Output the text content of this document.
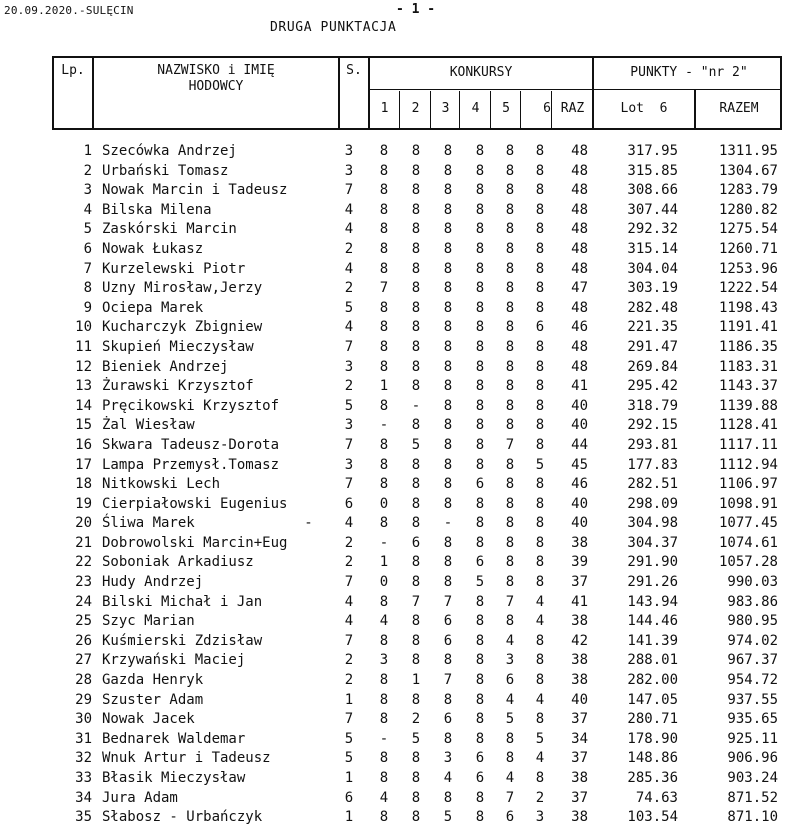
20.09.2020.-SULĘCIN	- 1 -
DRUGA PUNKTACJA
Lp.	NAZWISKO i IMIĘ
HODOWCY
S.	KONKURSY	PUNKTY - "nr 2"
1	2	3	4	5	6 RAZ	Lot  6	RAZEM
1 Szecówka Andrzej	3	8 8 8 8 8 8	48	317.95	1311.95
2 Urbański Tomasz	3	8 8 8 8 8 8	48	315.85	1304.67
3 Nowak Marcin i Tadeusz	7	8 8 8 8 8 8	48	308.66	1283.79
4 Bilska Milena	4	8 8 8 8 8 8	48	307.44	1280.82
5 Zaskórski Marcin	4	8 8 8 8 8 8	48	292.32	1275.54
6 Nowak Łukasz	2	8 8 8 8 8 8	48	315.14	1260.71
7 Kurzelewski Piotr	4	8 8 8 8 8 8	48	304.04	1253.96
8 Uzny Mirosław,Jerzy	2	7 8 8 8 8 8	47	303.19	1222.54
9 Ociepa Marek	5	8 8 8 8 8 8	48	282.48	1198.43
10 Kucharczyk Zbigniew	4	8 8 8 8 8 6	46	221.35	1191.41
11 Skupień Mieczysław	7	8 8 8 8 8 8	48	291.47	1186.35
12 Bieniek Andrzej	3	8 8 8 8 8 8	48	269.84	1183.31
13 Żurawski Krzysztof	2	1 8 8 8 8 8	41	295.42	1143.37
14 Pręcikowski Krzysztof	5	8 - 8 8 8 8	40	318.79	1139.88
15 Żal Wiesław	3	- 8 8 8 8 8	40	292.15	1128.41
16 Skwara Tadeusz-Dorota	7	8 5 8 8 7 8	44	293.81	1117.11
17 Lampa Przemysł.Tomasz	3	8 8 8 8 8 5	45	177.83	1112.94
18 Nitkowski Lech	7	8 8 8 6 8 8	46	282.51	1106.97
19 Cierpiałowski Eugenius	6	0 8 8 8 8 8	40	298.09	1098.91
20 Śliwa Marek             -	4	8 8 - 8 8 8	40	304.98	1077.45
21 Dobrowolski Marcin+Eug	2	- 6 8 8 8 8	38	304.37	1074.61
22 Soboniak Arkadiusz	2	1 8 8 6 8 8	39	291.90	1057.28
23 Hudy Andrzej	7	0 8 8 5 8 8	37	291.26	990.03
24 Bilski Michał i Jan	4	8 7 7 8 7 4	41	143.94	983.86
25 Szyc Marian	4	4 8 6 8 8 4	38	144.46	980.95
26 Kuśmierski Zdzisław	7	8 8 6 8 4 8	42	141.39	974.02
27 Krzywański Maciej	2	3 8 8 8 3 8	38	288.01	967.37
28 Gazda Henryk	2	8 1 7 8 6 8	38	282.00	954.72
29 Szuster Adam	1	8 8 8 8 4 4	40	147.05	937.55
30 Nowak Jacek	7	8 2 6 8 5 8	37	280.71	935.65
31 Bednarek Waldemar	5	- 5 8 8 8 5	34	178.90	925.11
32 Wnuk Artur i Tadeusz	5	8 8 3 6 8 4	37	148.86	906.96
33 Błasik Mieczysław	1	8 8 4 6 4 8	38	285.36	903.24
34 Jura Adam	6	4 8 8 8 7 2	37	74.63	871.52
35 Słabosz - Urbańczyk	1	8 8 5 8 6 3	38	103.54	871.10
